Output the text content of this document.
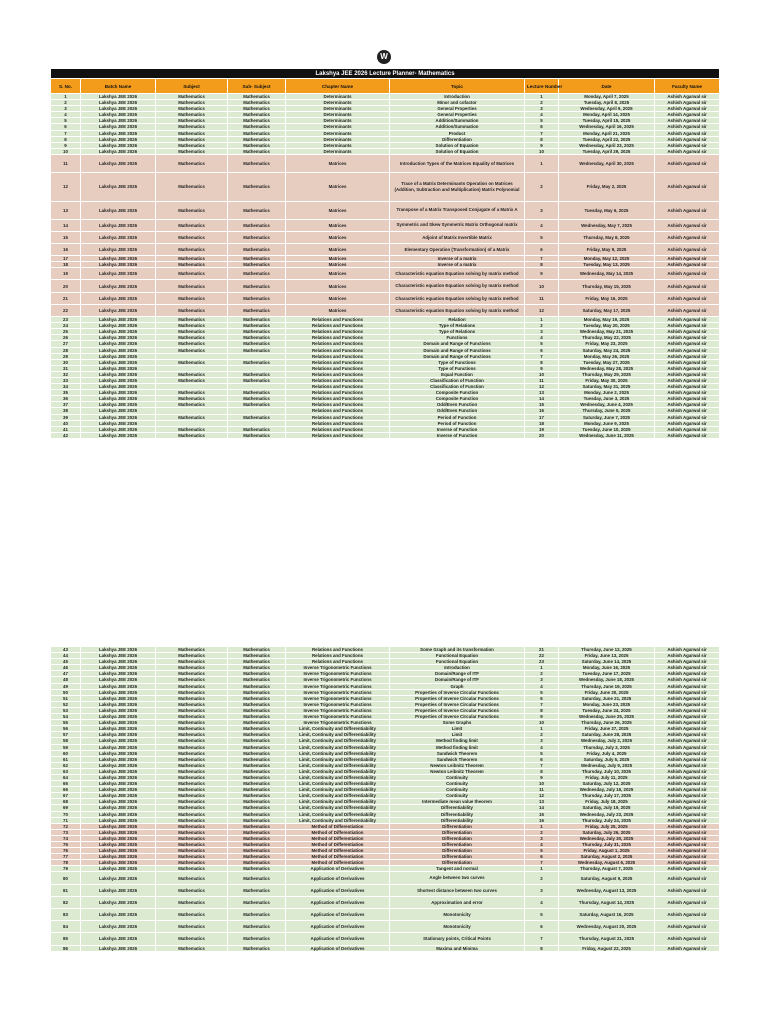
W
Lakshya JEE 2026 Lecture Planner- Mathematics								
S. No.	Batch Name	Subject	Sub- Subject	Chapter Name	Topic	Lecture Number	Date	Faculty Name
1	Lakshya JEE 2026	Mathematics	Mathematics	Determinants	Introduction	1	Monday, April 7, 2025	Ashish Agarwal sir
2	Lakshya JEE 2026	Mathematics	Mathematics	Determinants	Minor and cofactor	2	Tuesday, April 8, 2025	Ashish Agarwal sir
3	Lakshya JEE 2026	Mathematics	Mathematics	Determinants	General Properties	3	Wednesday, April 9, 2025	Ashish Agarwal sir
4	Lakshya JEE 2026	Mathematics	Mathematics	Determinants	General Properties	4	Monday, April 14, 2025	Ashish Agarwal sir
5	Lakshya JEE 2026	Mathematics	Mathematics	Determinants	Addition/Summation	5	Tuesday, April 15, 2025	Ashish Agarwal sir
6	Lakshya JEE 2026	Mathematics	Mathematics	Determinants	Addition/Summation	6	Wednesday, April 16, 2025	Ashish Agarwal sir
7	Lakshya JEE 2026	Mathematics	Mathematics	Determinants	Product	7	Monday, April 21, 2025	Ashish Agarwal sir
8	Lakshya JEE 2026	Mathematics	Mathematics	Determinants	Differentiation	8	Tuesday, April 22, 2025	Ashish Agarwal sir
9	Lakshya JEE 2026	Mathematics	Mathematics	Determinants	Solution of Equation	9	Wednesday, April 23, 2025	Ashish Agarwal sir
10	Lakshya JEE 2026	Mathematics	Mathematics	Determinants	Solution of Equation	10	Tuesday, April 29, 2025	Ashish Agarwal sir
11	Lakshya JEE 2026	Mathematics	Mathematics	Matrices	Introduction Types of the Matrices Equality of Matrices	1	Wednesday, April 30, 2025	Ashish Agarwal sir
12	Lakshya JEE 2026	Mathematics	Mathematics	Matrices	Trace of a Matrix Determinants Operation on Matrices (Addition, Subtraction and Multiplication) Matrix Polynomial	2	Friday, May 2, 2025	Ashish Agarwal sir
13	Lakshya JEE 2026	Mathematics	Mathematics	Matrices	Transpose of a Matrix Transposed Conjugate of a Matrix A	3	Tuesday, May 6, 2025	Ashish Agarwal sir
14	Lakshya JEE 2026	Mathematics	Mathematics	Matrices	Symmetric and Skew Symmetric Matrix Orthogonal matrix	4	Wednesday, May 7, 2025	Ashish Agarwal sir
15	Lakshya JEE 2026	Mathematics	Mathematics	Matrices	Adjoint of Matrix Invertible Matrix	5	Thursday, May 8, 2025	Ashish Agarwal sir
16	Lakshya JEE 2026	Mathematics	Mathematics	Matrices	Elementary Operation (Transformation) of a Matrix	6	Friday, May 9, 2025	Ashish Agarwal sir
17	Lakshya JEE 2026	Mathematics	Mathematics	Matrices	Inverse of a matrix	7	Monday, May 12, 2025	Ashish Agarwal sir
18	Lakshya JEE 2026	Mathematics	Mathematics	Matrices	Inverse of a matrix	8	Tuesday, May 13, 2025	Ashish Agarwal sir
19	Lakshya JEE 2026	Mathematics	Mathematics	Matrices	Characteristic equation Equation solving by matrix method	9	Wednesday, May 14, 2025	Ashish Agarwal sir
20	Lakshya JEE 2026	Mathematics	Mathematics	Matrices	Characteristic equation Equation solving by matrix method	10	Thursday, May 15, 2025	Ashish Agarwal sir
21	Lakshya JEE 2026	Mathematics	Mathematics	Matrices	Characteristic equation Equation solving by matrix method	11	Friday, May 16, 2025	Ashish Agarwal sir
22	Lakshya JEE 2026	Mathematics	Mathematics	Matrices	Characteristic equation Equation solving by matrix method	12	Saturday, May 17, 2025	Ashish Agarwal sir
23	Lakshya JEE 2026	Mathematics	Mathematics	Relations and Functions	Relation	1	Monday, May 19, 2025	Ashish Agarwal sir
24	Lakshya JEE 2026	Mathematics	Mathematics	Relations and Functions	Type of Relations	2	Tuesday, May 20, 2025	Ashish Agarwal sir
25	Lakshya JEE 2026	Mathematics	Mathematics	Relations and Functions	Type of Relations	3	Wednesday, May 21, 2025	Ashish Agarwal sir
26	Lakshya JEE 2026	Mathematics	Mathematics	Relations and Functions	Functions	4	Thursday, May 22, 2025	Ashish Agarwal sir
27	Lakshya JEE 2026	Mathematics	Mathematics	Relations and Functions	Domain and Range of Functions	5	Friday, May 23, 2025	Ashish Agarwal sir
28	Lakshya JEE 2026	Mathematics	Mathematics	Relations and Functions	Domain and Range of Functions	6	Saturday, May 24, 2025	Ashish Agarwal sir
29	Lakshya JEE 2026			Relations and Functions	Domain and Range of Functions	7	Monday, May 26, 2025	Ashish Agarwal sir
30	Lakshya JEE 2026	Mathematics	Mathematics	Relations and Functions	Type of Functions	8	Tuesday, May 27, 2025	Ashish Agarwal sir
31	Lakshya JEE 2026			Relations and Functions	Type of Functions	9	Wednesday, May 28, 2025	Ashish Agarwal sir
32	Lakshya JEE 2026	Mathematics	Mathematics	Relations and Functions	Equal Function	10	Thursday, May 29, 2025	Ashish Agarwal sir
33	Lakshya JEE 2026	Mathematics	Mathematics	Relations and Functions	Classification of Function	11	Friday, May 30, 2025	Ashish Agarwal sir
34	Lakshya JEE 2026			Relations and Functions	Classification of Function	12	Saturday, May 31, 2025	Ashish Agarwal sir
35	Lakshya JEE 2026	Mathematics	Mathematics	Relations and Functions	Composite Function	13	Monday, June 2, 2025	Ashish Agarwal sir
36	Lakshya JEE 2026	Mathematics	Mathematics	Relations and Functions	Composite Function	14	Tuesday, June 3, 2025	Ashish Agarwal sir
37	Lakshya JEE 2026	Mathematics	Mathematics	Relations and Functions	Odd/Even Function	15	Wednesday, June 4, 2025	Ashish Agarwal sir
38	Lakshya JEE 2026			Relations and Functions	Odd/Even Function	16	Thursday, June 5, 2025	Ashish Agarwal sir
39	Lakshya JEE 2026	Mathematics	Mathematics	Relations and Functions	Period of Function	17	Saturday, June 7, 2025	Ashish Agarwal sir
40	Lakshya JEE 2026			Relations and Functions	Period of Function	18	Monday, June 9, 2025	Ashish Agarwal sir
41	Lakshya JEE 2026	Mathematics	Mathematics	Relations and Functions	Inverse of Function	19	Tuesday, June 10, 2025	Ashish Agarwal sir
42	Lakshya JEE 2026	Mathematics	Mathematics	Relations and Functions	Inverse of Function	20	Wednesday, June 11, 2025	Ashish Agarwal sir
43	Lakshya JEE 2026	Mathematics	Mathematics	Relations and Functions	Some Graph and its transformation	21	Thursday, June 12, 2025	Ashish Agarwal sir
44	Lakshya JEE 2026	Mathematics	Mathematics	Relations and Functions	Functional Equation	22	Friday, June 13, 2025	Ashish Agarwal sir
45	Lakshya JEE 2026	Mathematics	Mathematics	Relations and Functions	Functional Equation	23	Saturday, June 14, 2025	Ashish Agarwal sir
46	Lakshya JEE 2026	Mathematics	Mathematics	Inverse Trigonometric Functions	Introduction	1	Monday, June 16, 2025	Ashish Agarwal sir
47	Lakshya JEE 2026	Mathematics	Mathematics	Inverse Trigonometric Functions	Domain/Range of ITF	2	Tuesday, June 17, 2025	Ashish Agarwal sir
48	Lakshya JEE 2026	Mathematics	Mathematics	Inverse Trigonometric Functions	Domain/Range of ITF	3	Wednesday, June 18, 2025	Ashish Agarwal sir
49	Lakshya JEE 2026	Mathematics	Mathematics	Inverse Trigonometric Functions	Graph	4	Thursday, June 19, 2025	Ashish Agarwal sir
50	Lakshya JEE 2026	Mathematics	Mathematics	Inverse Trigonometric Functions	Properties of Inverse Circular Functions	5	Friday, June 20, 2025	Ashish Agarwal sir
51	Lakshya JEE 2026	Mathematics	Mathematics	Inverse Trigonometric Functions	Properties of Inverse Circular Functions	6	Saturday, June 21, 2025	Ashish Agarwal sir
52	Lakshya JEE 2026	Mathematics	Mathematics	Inverse Trigonometric Functions	Properties of Inverse Circular Functions	7	Monday, June 23, 2025	Ashish Agarwal sir
53	Lakshya JEE 2026	Mathematics	Mathematics	Inverse Trigonometric Functions	Properties of Inverse Circular Functions	8	Tuesday, June 24, 2025	Ashish Agarwal sir
54	Lakshya JEE 2026	Mathematics	Mathematics	Inverse Trigonometric Functions	Properties of Inverse Circular Functions	9	Wednesday, June 25, 2025	Ashish Agarwal sir
55	Lakshya JEE 2026	Mathematics	Mathematics	Inverse Trigonometric Functions	Some Graphs	10	Thursday, June 26, 2025	Ashish Agarwal sir
56	Lakshya JEE 2026	Mathematics	Mathematics	Limit, Continuity and Differentiability	Limit	1	Friday, June 27, 2025	Ashish Agarwal sir
57	Lakshya JEE 2026	Mathematics	Mathematics	Limit, Continuity and Differentiability	Limit	2	Saturday, June 28, 2025	Ashish Agarwal sir
58	Lakshya JEE 2026	Mathematics	Mathematics	Limit, Continuity and Differentiability	Method finding limit	3	Wednesday, July 2, 2025	Ashish Agarwal sir
59	Lakshya JEE 2026	Mathematics	Mathematics	Limit, Continuity and Differentiability	Method finding limit	4	Thursday, July 3, 2025	Ashish Agarwal sir
60	Lakshya JEE 2026	Mathematics	Mathematics	Limit, Continuity and Differentiability	Sandwich Theorem	5	Friday, July 4, 2025	Ashish Agarwal sir
61	Lakshya JEE 2026	Mathematics	Mathematics	Limit, Continuity and Differentiability	Sandwich Theorem	6	Saturday, July 5, 2025	Ashish Agarwal sir
62	Lakshya JEE 2026	Mathematics	Mathematics	Limit, Continuity and Differentiability	Newton Leibnitz Theorem	7	Wednesday, July 9, 2025	Ashish Agarwal sir
63	Lakshya JEE 2026	Mathematics	Mathematics	Limit, Continuity and Differentiability	Newton Leibnitz Theorem	8	Thursday, July 10, 2025	Ashish Agarwal sir
64	Lakshya JEE 2026	Mathematics	Mathematics	Limit, Continuity and Differentiability	Continuity	9	Friday, July 11, 2025	Ashish Agarwal sir
65	Lakshya JEE 2026	Mathematics	Mathematics	Limit, Continuity and Differentiability	Continuity	10	Saturday, July 12, 2025	Ashish Agarwal sir
66	Lakshya JEE 2026	Mathematics	Mathematics	Limit, Continuity and Differentiability	Continuity	11	Wednesday, July 16, 2025	Ashish Agarwal sir
67	Lakshya JEE 2026	Mathematics	Mathematics	Limit, Continuity and Differentiability	Continuity	12	Thursday, July 17, 2025	Ashish Agarwal sir
68	Lakshya JEE 2026	Mathematics	Mathematics	Limit, Continuity and Differentiability	Intermediate mean value theorem	13	Friday, July 18, 2025	Ashish Agarwal sir
69	Lakshya JEE 2026	Mathematics	Mathematics	Limit, Continuity and Differentiability	Differentiability	14	Saturday, July 19, 2025	Ashish Agarwal sir
70	Lakshya JEE 2026	Mathematics	Mathematics	Limit, Continuity and Differentiability	Differentiability	15	Wednesday, July 23, 2025	Ashish Agarwal sir
71	Lakshya JEE 2026	Mathematics	Mathematics	Limit, Continuity and Differentiability	Differentiability	16	Thursday, July 24, 2025	Ashish Agarwal sir
72	Lakshya JEE 2026	Mathematics	Mathematics	Method of Differentiation	Differentiation	1	Friday, July 25, 2025	Ashish Agarwal sir
73	Lakshya JEE 2026	Mathematics	Mathematics	Method of Differentiation	Differentiation	2	Saturday, July 26, 2025	Ashish Agarwal sir
74	Lakshya JEE 2026	Mathematics	Mathematics	Method of Differentiation	Differentiation	3	Wednesday, July 30, 2025	Ashish Agarwal sir
75	Lakshya JEE 2026	Mathematics	Mathematics	Method of Differentiation	Differentiation	4	Thursday, July 31, 2025	Ashish Agarwal sir
76	Lakshya JEE 2026	Mathematics	Mathematics	Method of Differentiation	Differentiation	5	Friday, August 1, 2025	Ashish Agarwal sir
77	Lakshya JEE 2026	Mathematics	Mathematics	Method of Differentiation	Differentiation	6	Saturday, August 2, 2025	Ashish Agarwal sir
78	Lakshya JEE 2026	Mathematics	Mathematics	Method of Differentiation	Differentiation	7	Wednesday, August 6, 2025	Ashish Agarwal sir
79	Lakshya JEE 2026	Mathematics	Mathematics	Application of Derivatives	Tangent and normal	1	Thursday, August 7, 2025	Ashish Agarwal sir
80	Lakshya JEE 2026	Mathematics	Mathematics	Application of Derivatives	Angle between two curves	2	Saturday, August 9, 2025	Ashish Agarwal sir
81	Lakshya JEE 2026	Mathematics	Mathematics	Application of Derivatives	Shortest distance between two curves	3	Wednesday, August 13, 2025	Ashish Agarwal sir
82	Lakshya JEE 2026	Mathematics	Mathematics	Application of Derivatives	Approximation and error	4	Thursday, August 14, 2025	Ashish Agarwal sir
83	Lakshya JEE 2026	Mathematics	Mathematics	Application of Derivatives	Monotonicity	5	Saturday, August 16, 2025	Ashish Agarwal sir
84	Lakshya JEE 2026	Mathematics	Mathematics	Application of Derivatives	Monotonicity	6	Wednesday, August 20, 2025	Ashish Agarwal sir
85	Lakshya JEE 2026	Mathematics	Mathematics	Application of Derivatives	Stationary points, Critical Points	7	Thursday, August 21, 2025	Ashish Agarwal sir
86	Lakshya JEE 2026	Mathematics	Mathematics	Application of Derivatives	Maxima and Minima	8	Friday, August 22, 2025	Ashish Agarwal sir
